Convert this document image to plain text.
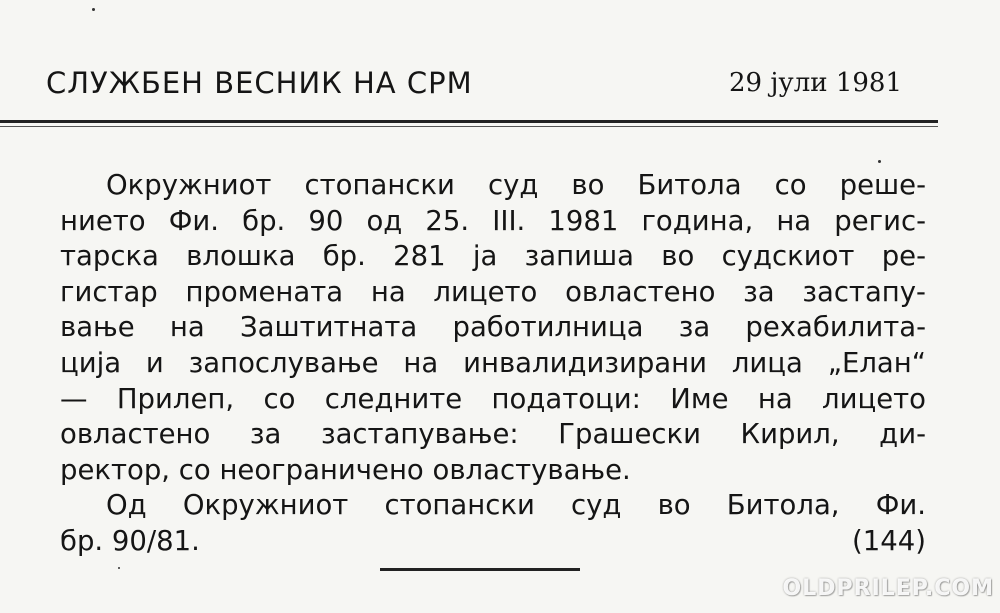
СЛУЖБЕН ВЕСНИК НА СРМ	29 јули 1981
Окружниот стопански суд во Битола со реше-
нието Фи. бр. 90 од 25. III. 1981 година, на регис-
тарска влошка бр. 281 ја запиша во судскиот ре-
гистар промената на лицето овластено за застапу-
вање на Заштитната работилница за рехабилита-
ција и запослување на инвалидизирани лица „Елан“
— Прилеп, со следните податоци: Име на лицето
овластено за застапување: Грашески Кирил, ди-
ректор, со неограничено овластување.
Од Окружниот стопански суд во Битола, Фи.
бр. 90/81.	(144)
OLDPRILEP.COM
